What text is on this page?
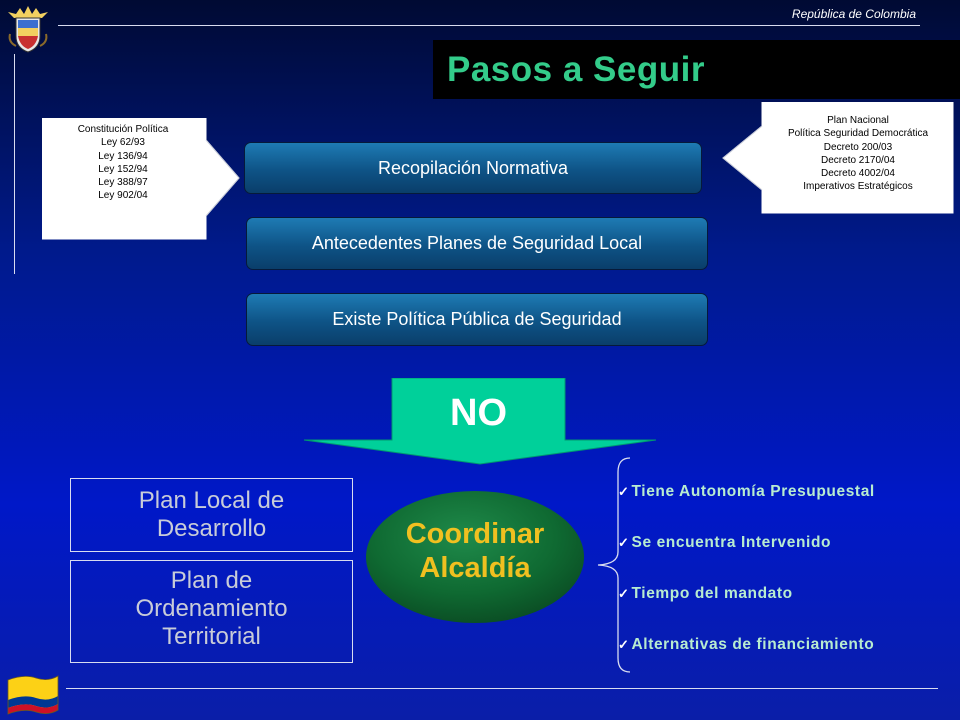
República de Colombia
Pasos a Seguir
Constitución Política
Ley 62/93
Ley 136/94
Ley 152/94
Ley 388/97
Ley 902/04
Plan Nacional
Política Seguridad Democrática
Decreto 200/03
Decreto 2170/04
Decreto 4002/04
Imperativos Estratégicos
Recopilación Normativa
Antecedentes Planes de Seguridad Local
Existe Política Pública de Seguridad
NO
Plan Local de
Desarrollo
Plan de
Ordenamiento
Territorial
Coordinar
Alcaldía
✓ Tiene Autonomía Presupuestal
✓ Se encuentra Intervenido
✓ Tiempo del mandato
✓ Alternativas de financiamiento
